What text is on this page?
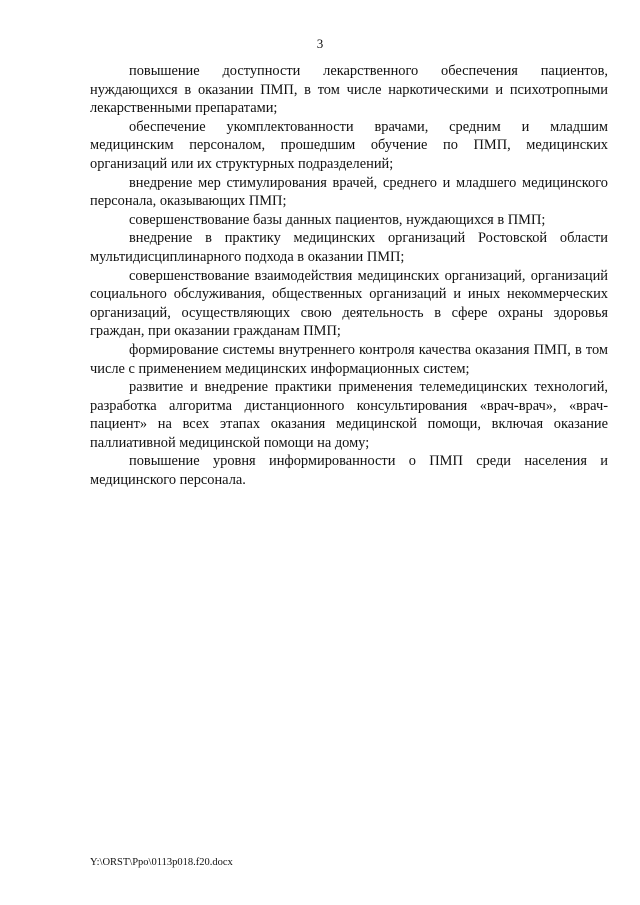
3

повышение доступности лекарственного обеспечения пациентов, нуждающихся в оказании ПМП, в том числе наркотическими и психотропными лекарственными препаратами;

обеспечение укомплектованности врачами, средним и младшим медицинским персоналом, прошедшим обучение по ПМП, медицинских организаций или их структурных подразделений;

внедрение мер стимулирования врачей, среднего и младшего медицинского персонала, оказывающих ПМП;

совершенствование базы данных пациентов, нуждающихся в ПМП;

внедрение в практику медицинских организаций Ростовской области мультидисциплинарного подхода в оказании ПМП;

совершенствование взаимодействия медицинских организаций, организаций социального обслуживания, общественных организаций и иных некоммерческих организаций, осуществляющих свою деятельность в сфере охраны здоровья граждан, при оказании гражданам ПМП;

формирование системы внутреннего контроля качества оказания ПМП, в том числе с применением медицинских информационных систем;

развитие и внедрение практики применения телемедицинских технологий, разработка алгоритма дистанционного консультирования «врач-врач», «врач-пациент» на всех этапах оказания медицинской помощи, включая оказание паллиативной медицинской помощи на дому;

повышение уровня информированности о ПМП среди населения и медицинского персонала.

Y:\ORST\Ppo\0113p018.f20.docx
